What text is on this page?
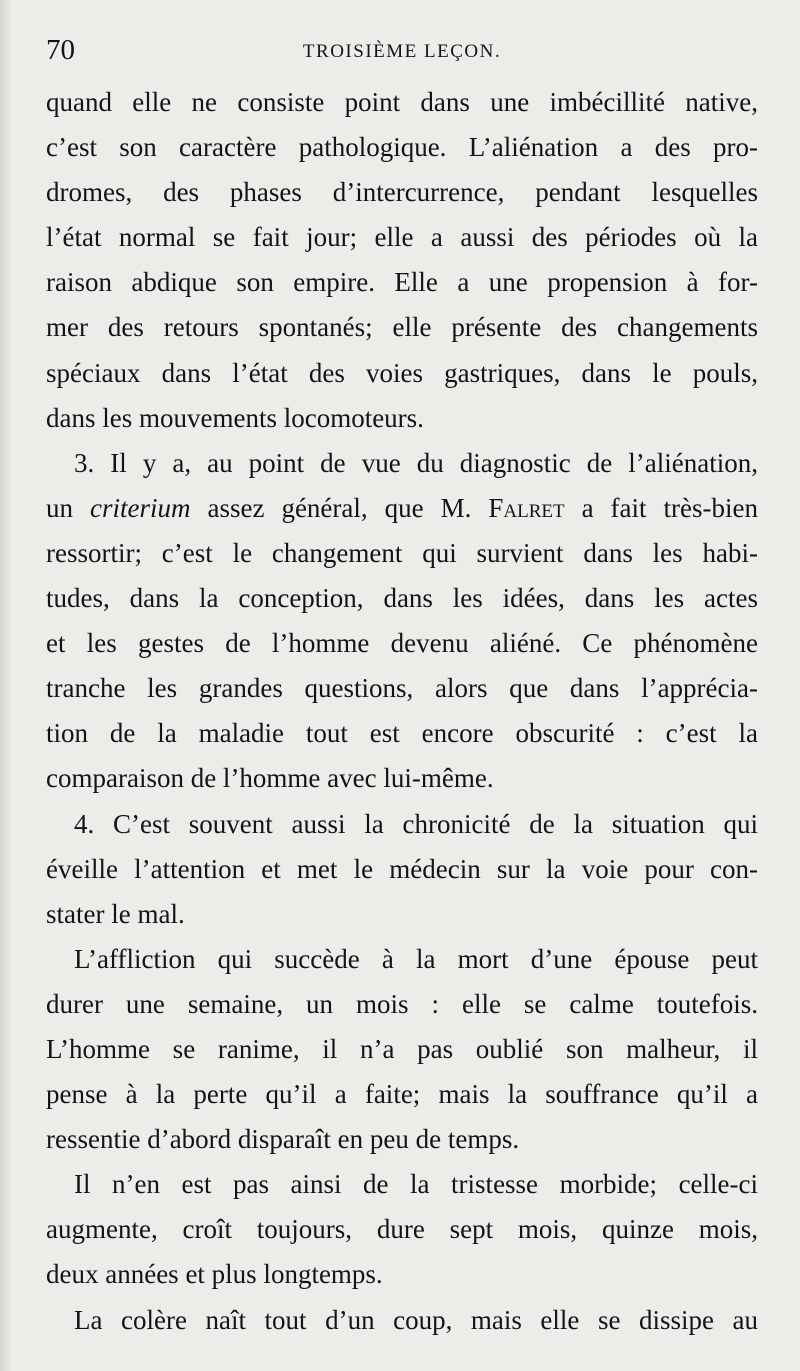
70	TROISIÈME LEÇON.
quand elle ne consiste point dans une imbécillité native,
c’est son caractère pathologique. L’aliénation a des pro-
dromes, des phases d’intercurrence, pendant lesquelles
l’état normal se fait jour; elle a aussi des périodes où la
raison abdique son empire. Elle a une propension à for-
mer des retours spontanés; elle présente des changements
spéciaux dans l’état des voies gastriques, dans le pouls,
dans les mouvements locomoteurs.
3. Il y a, au point de vue du diagnostic de l’aliénation,
un criterium assez général, que M. Falret a fait très-bien
ressortir; c’est le changement qui survient dans les habi-
tudes, dans la conception, dans les idées, dans les actes
et les gestes de l’homme devenu aliéné. Ce phénomène
tranche les grandes questions, alors que dans l’apprécia-
tion de la maladie tout est encore obscurité : c’est la
comparaison de l’homme avec lui-même.
4. C’est souvent aussi la chronicité de la situation qui
éveille l’attention et met le médecin sur la voie pour con-
stater le mal.
L’affliction qui succède à la mort d’une épouse peut
durer une semaine, un mois : elle se calme toutefois.
L’homme se ranime, il n’a pas oublié son malheur, il
pense à la perte qu’il a faite; mais la souffrance qu’il a
ressentie d’abord disparaît en peu de temps.
Il n’en est pas ainsi de la tristesse morbide; celle-ci
augmente, croît toujours, dure sept mois, quinze mois,
deux années et plus longtemps.
La colère naît tout d’un coup, mais elle se dissipe au
